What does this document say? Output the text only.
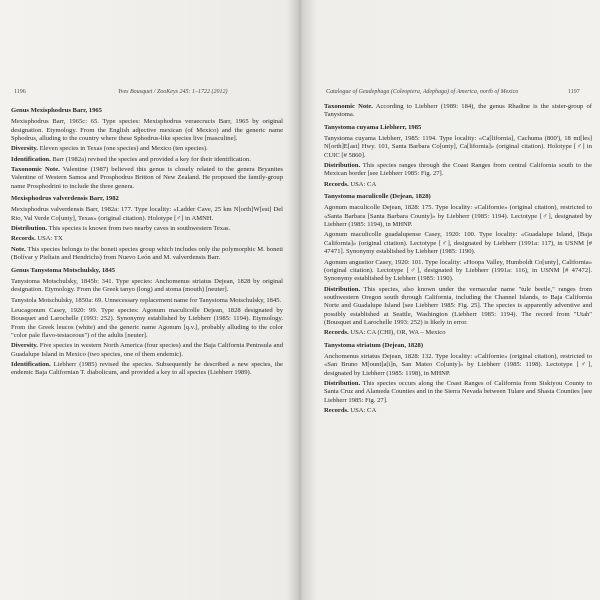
1196	Yves Bousquet / ZooKeys 245: 1–1722 (2012)	Catalogue of Geadephaga (Coleoptera, Adephaga) of America, north of Mexico	1197
Genus Mexisphodrus Barr, 1965

Mexisphodrus Barr, 1965c: 65. Type species: Mexisphodrus veraecrucis Barr, 1965 by original designation. Etymology. From the English adjective mexican (of Mexico) and the generic name Sphodrus, alluding to the country where these Sphodrus-like species live [masculine].

Diversity. Eleven species in Texas (one species) and Mexico (ten species).

Identification. Barr (1982a) revised the species and provided a key for their identification.

Taxonomic Note. Valentine (1987) believed this genus is closely related to the genera Bryanites Valentine of Western Samoa and Prosphodrus Britton of New Zealand. He proposed the family-group name Prosphodrini to include the three genera.

Mexisphodrus valverdensis Barr, 1982

Mexisphodrus valverdensis Barr, 1982a: 177. Type locality: «Ladder Cave, 25 km N[orth]W[est] Del Rio, Val Verde Co[unty], Texas» (original citation). Holotype [♂] in AMNH.

Distribution. This species is known from two nearby caves in southwestern Texas.

Records. USA: TX

Note. This species belongs to the boneti species group which includes only the polymorphic M. boneti (Bolívar y Pieltain and Hendrichs) from Nuevo León and M. valverdensis Barr.

Genus Tanystoma Motschulsky, 1845

Tanystoma Motschulsky, 1845b: 341. Type species: Anchomenus striatus Dejean, 1828 by original designation. Etymology. From the Greek tanyo (long) and stoma (mouth) [neuter].

Tanystola Motschulsky, 1850a: 69. Unnecessary replacement name for Tanystoma Motschulsky, 1845.

Leucagonum Casey, 1920: 99. Type species: Agonum maculicolle Dejean, 1828 designated by Bousquet and Larochelle (1993: 252). Synonymy established by Liebherr (1985: 1194). Etymology. From the Greek leucos (white) and the generic name Agonum [q.v.], probably alluding to the color "color pale flavo-testaceous") of the adults [neuter].

Diversity. Five species in western North America (four species) and the Baja California Peninsula and Guadalupe Island in Mexico (two species, one of them endemic).

Identification. Liebherr (1985) revised the species. Subsequently he described a new species, the endemic Baja Californian T. diabolicum, and provided a key to all species (Liebherr 1989).

Taxonomic Note. According to Liebherr (1989: 184), the genus Rhadine is the sister-group of Tanystoma.

Tanystoma cuyama Liebherr, 1985

Tanystoma cuyama Liebherr, 1985: 1194. Type locality: «Ca[lifornia], Cachuma (800'), 18 mi[les] N[orth]E[ast] Hwy. 101, Santa Barbara Co[unty], Ca[lifornia]» (original citation). Holotype [♂] in CUIC [# 5860].

Distribution. This species ranges through the Coast Ranges from central California south to the Mexican border [see Liebherr 1985: Fig. 27].

Records. USA: CA

Tanystoma maculicolle (Dejean, 1828)

Agonum maculicolle Dejean, 1828: 175. Type locality: «Californie» (original citation), restricted to «Santa Barbara [Santa Barbara County]» by Liebherr (1985: 1194). Lectotype [♂], designated by Liebherr (1985: 1194), in MHNP.

Agonum maculicolle guadalupense Casey, 1920: 100. Type locality: «Guadalupe Island, [Baja California]» (original citation). Lectotype [♂], designated by Liebherr (1991a: 117), in USNM [# 47471]. Synonymy established by Liebherr (1985: 1190).

Agonum angustior Casey, 1920: 101. Type locality: «Hoopa Valley, Humboldt Co[unty], California» (original citation). Lectotype [♂], designated by Liebherr (1991a: 116), in USNM [# 47472]. Synonymy established by Liebherr (1985: 1190).

Distribution. This species, also known under the vernacular name "tule beetle," ranges from southwestern Oregon south through California, including the Channel Islands, to Baja California Norte and Guadalupe Island [see Liebherr 1985: Fig. 25]. The species is apparently adventive and possibly established at Seattle, Washington (Liebherr 1985: 1194). The record from "Utah" (Bousquet and Larochelle 1993: 252) is likely in error.

Records. USA: CA (CHI), OR, WA – Mexico

Tanystoma striatum (Dejean, 1828)

Anchomenus striatus Dejean, 1828: 132. Type locality: «Californie» (original citation), restricted to «San Bruno M[ount]a[i]n, San Mateo Co[unty]» by Liebherr (1985: 1198). Lectotype [♂], designated by Liebherr (1985: 1198), in MHNP.

Distribution. This species occurs along the Coast Ranges of California from Siskiyou County to Santa Cruz and Alameda Counties and in the Sierra Nevada between Tulare and Shasta Counties [see Liebherr 1985: Fig. 27].

Records. USA: CA
